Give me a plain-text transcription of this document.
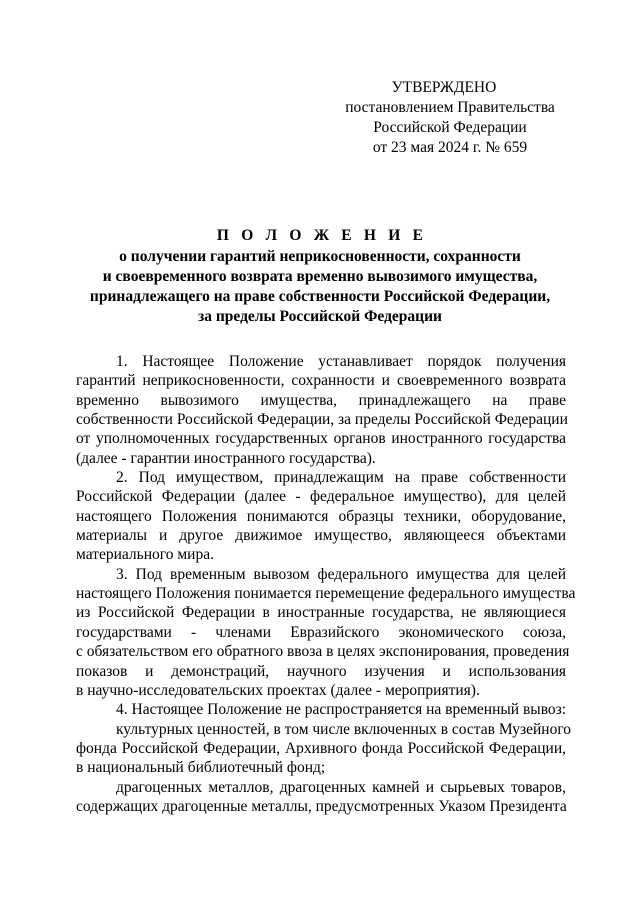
УТВЕРЖДЕНО
постановлением Правительства
Российской Федерации
от 23 мая 2024 г. № 659
П О Л О Ж Е Н И Е
о получении гарантий неприкосновенности, сохранности
и своевременного возврата временно вывозимого имущества,
принадлежащего на праве собственности Российской Федерации,
за пределы Российской Федерации
1. Настоящее Положение устанавливает порядок получения
гарантий неприкосновенности, сохранности и своевременного возврата
временно вывозимого имущества, принадлежащего на праве
собственности Российской Федерации, за пределы Российской Федерации
от уполномоченных государственных органов иностранного государства
(далее - гарантии иностранного государства).
2. Под имуществом, принадлежащим на праве собственности
Российской Федерации (далее - федеральное имущество), для целей
настоящего Положения понимаются образцы техники, оборудование,
материалы и другое движимое имущество, являющееся объектами
материального мира.
3. Под временным вывозом федерального имущества для целей
настоящего Положения понимается перемещение федерального имущества
из Российской Федерации в иностранные государства, не являющиеся
государствами - членами Евразийского экономического союза,
с обязательством его обратного ввоза в целях экспонирования, проведения
показов и демонстраций, научного изучения и использования
в научно-исследовательских проектах (далее - мероприятия).
4. Настоящее Положение не распространяется на временный вывоз:
культурных ценностей, в том числе включенных в состав Музейного
фонда Российской Федерации, Архивного фонда Российской Федерации,
в национальный библиотечный фонд;
драгоценных металлов, драгоценных камней и сырьевых товаров,
содержащих драгоценные металлы, предусмотренных Указом Президента
